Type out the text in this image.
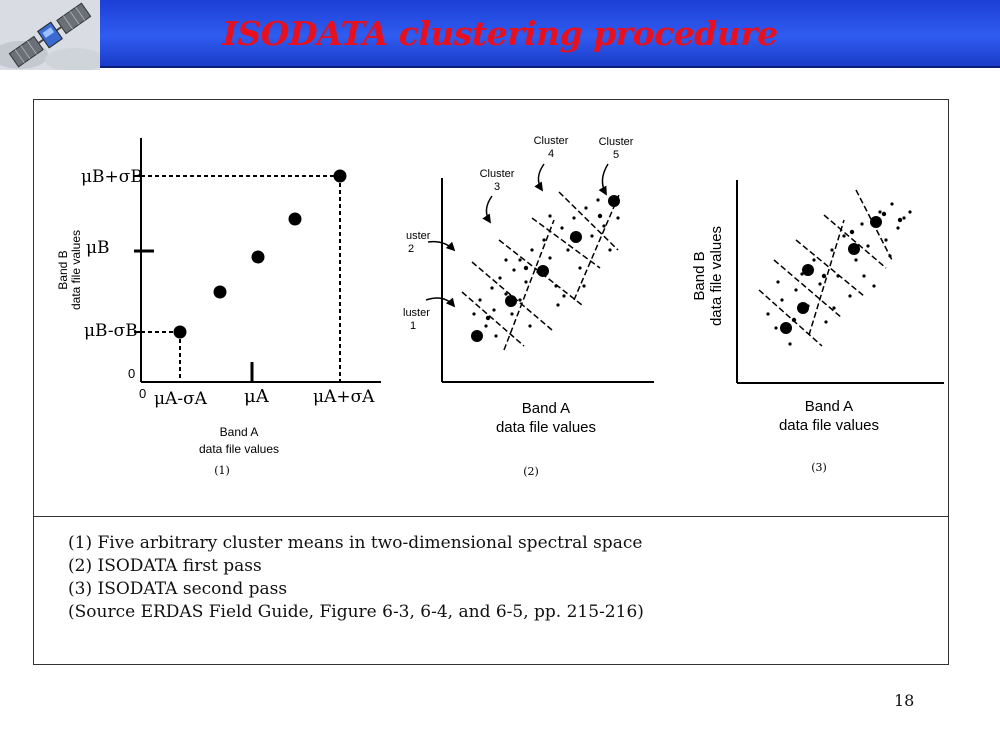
ISODATA clustering procedure
μB+σB
μB
μB-σB
0
0 μA-σA μA	μA+σA
Band B data file values
Band A
data file values
(1)
Cluster
4
Cluster
5
Cluster
3
uster
2
luster
1
Band A
data file values
(2)
Band B data file values
Band A
data file values
(3)
(1) Five arbitrary cluster means in two-dimensional spectral space
(2) ISODATA first pass
(3) ISODATA second pass
(Source ERDAS Field Guide, Figure 6-3, 6-4, and 6-5, pp. 215-216)
18
